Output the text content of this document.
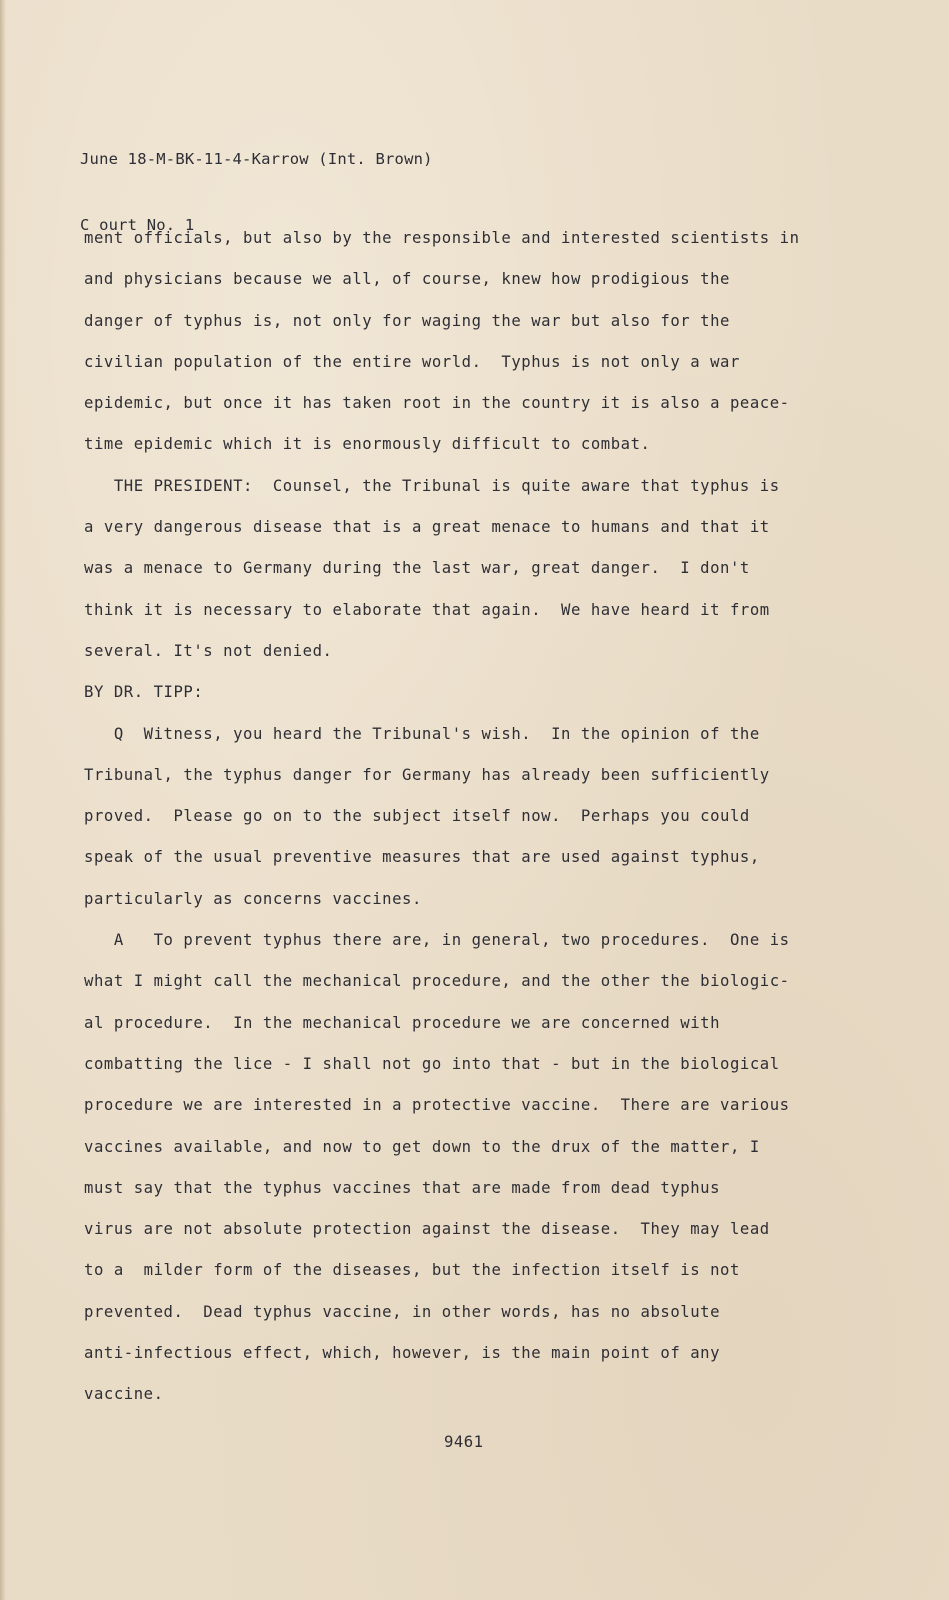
June 18-M-BK-11-4-Karrow (Int. Brown)

C ourt No. 1

ment officials, but also by the responsible and interested scientists in
and physicians because we all, of course, knew how prodigious the
danger of typhus is, not only for waging the war but also for the
civilian population of the entire world.  Typhus is not only a war
epidemic, but once it has taken root in the country it is also a peace-
time epidemic which it is enormously difficult to combat.
THE PRESIDENT:  Counsel, the Tribunal is quite aware that typhus is
a very dangerous disease that is a great menace to humans and that it
was a menace to Germany during the last war, great danger.  I don't
think it is necessary to elaborate that again.  We have heard it from
several. It's not denied.
BY DR. TIPP:
Q  Witness, you heard the Tribunal's wish.  In the opinion of the
Tribunal, the typhus danger for Germany has already been sufficiently
proved.  Please go on to the subject itself now.  Perhaps you could
speak of the usual preventive measures that are used against typhus,
particularly as concerns vaccines.
A   To prevent typhus there are, in general, two procedures.  One is
what I might call the mechanical procedure, and the other the biologic-
al procedure.  In the mechanical procedure we are concerned with
combatting the lice - I shall not go into that - but in the biological
procedure we are interested in a protective vaccine.  There are various
vaccines available, and now to get down to the drux of the matter, I
must say that the typhus vaccines that are made from dead typhus
virus are not absolute protection against the disease.  They may lead
to a  milder form of the diseases, but the infection itself is not
prevented.  Dead typhus vaccine, in other words, has no absolute
anti-infectious effect, which, however, is the main point of any
vaccine.
9461
